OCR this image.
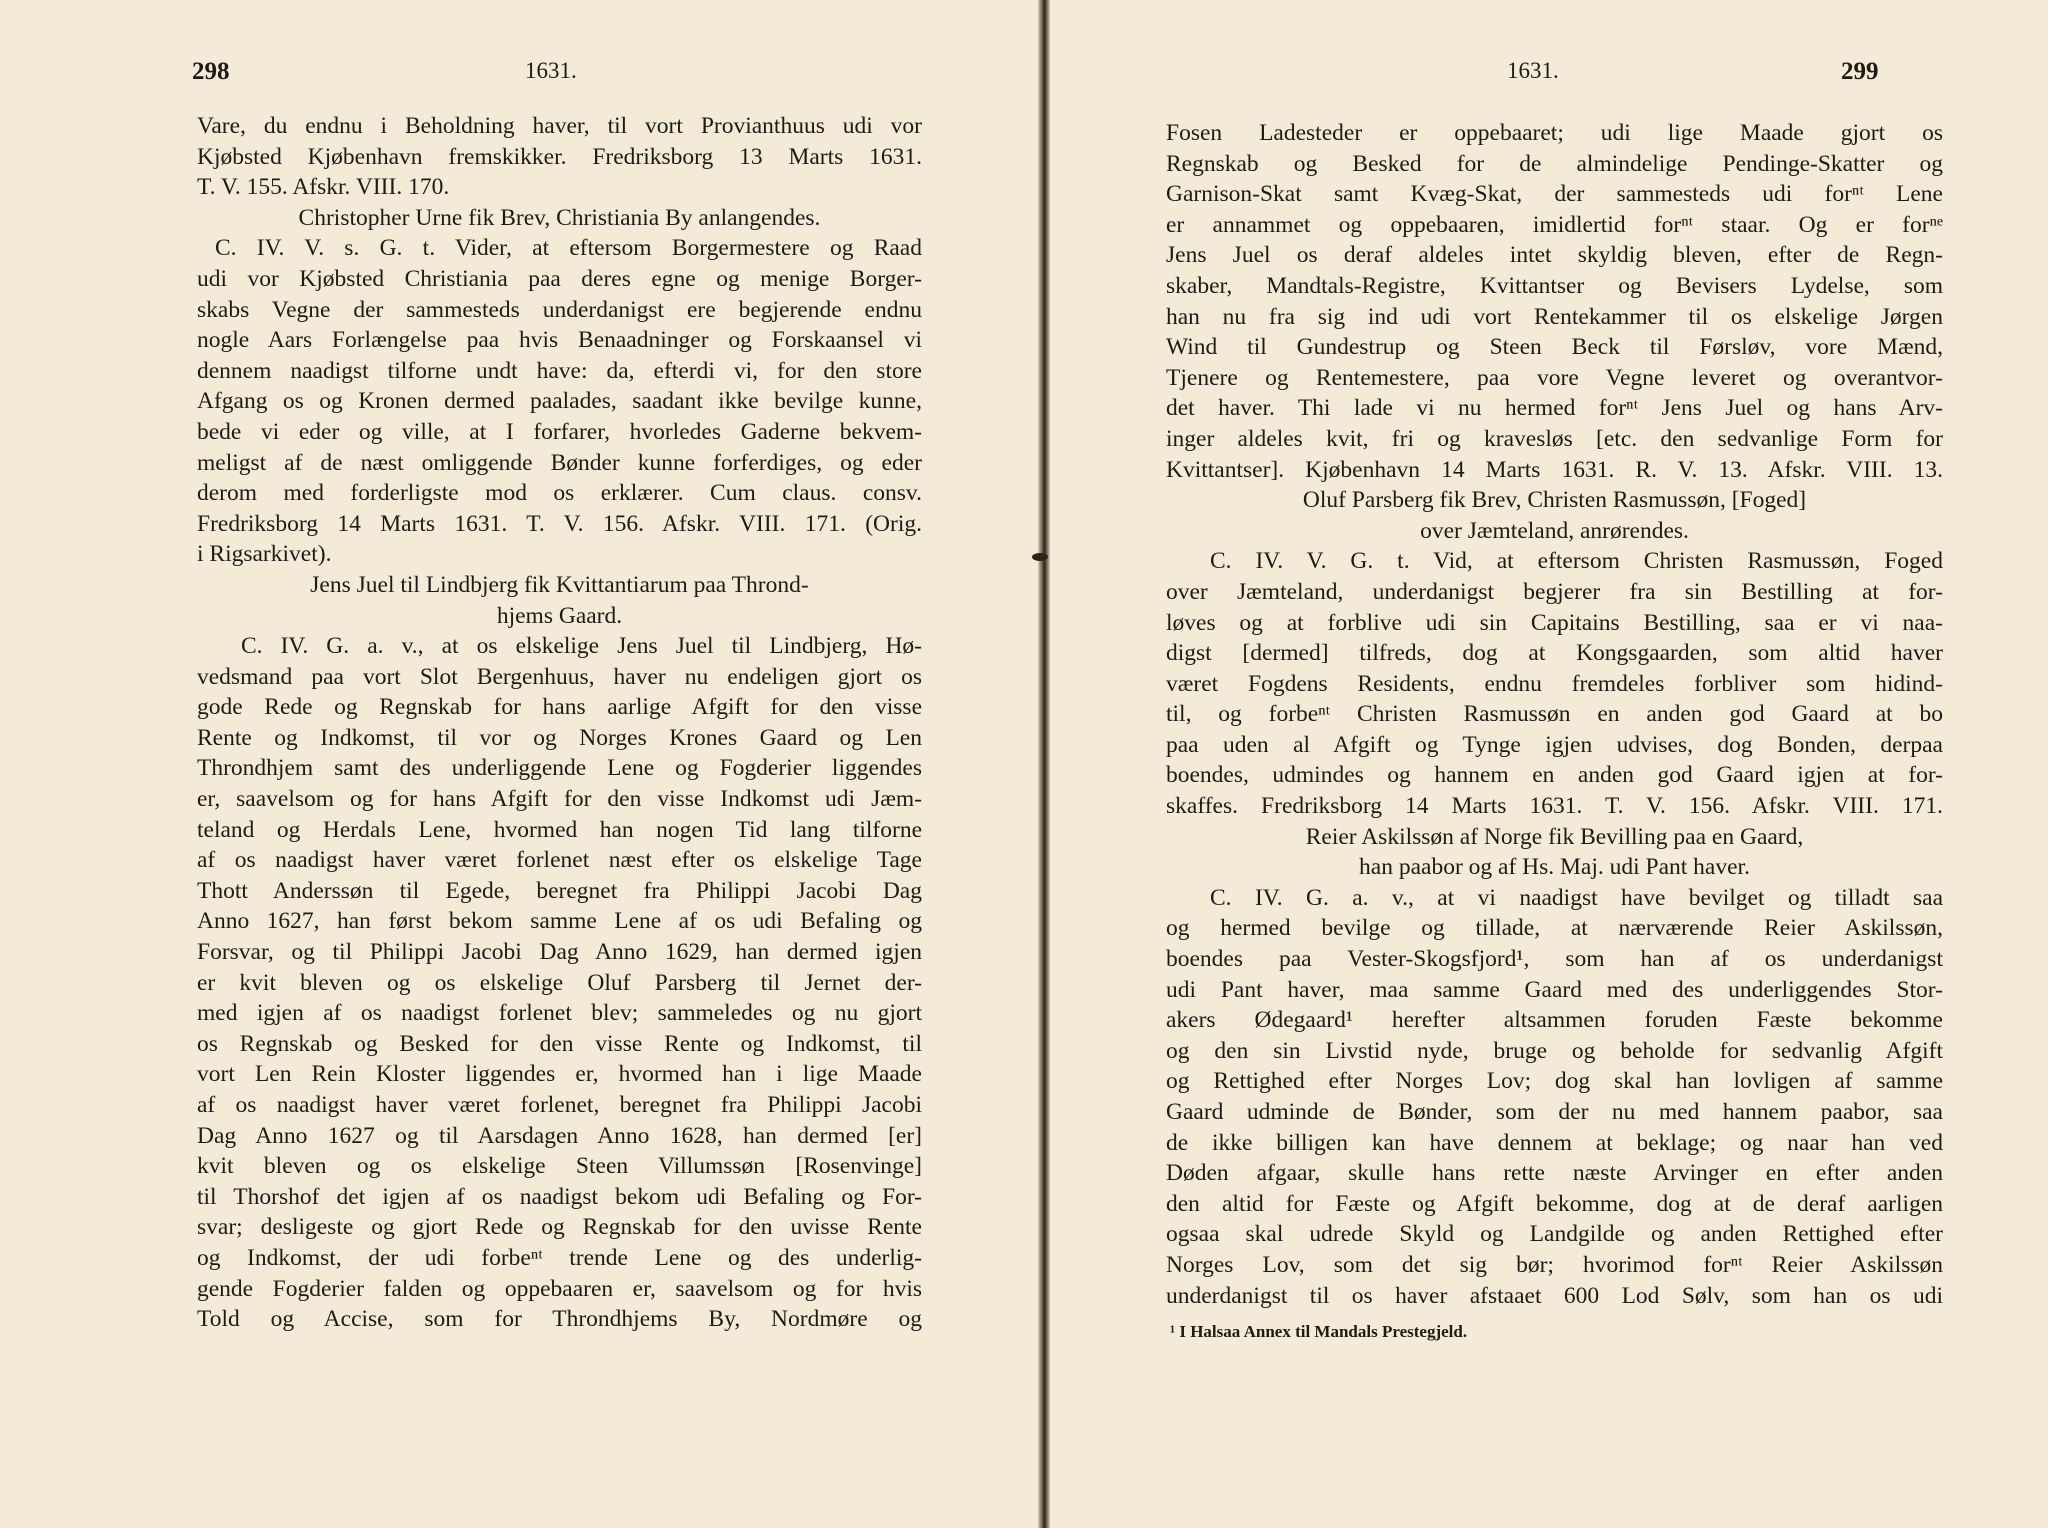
298	1631.
Vare, du endnu i Beholdning haver, til vort Provianthuus udi vor
Kjøbsted Kjøbenhavn fremskikker. Fredriksborg 13 Marts 1631.
T. V. 155. Afskr. VIII. 170.
Christopher Urne fik Brev, Christiania By anlangendes.
C. IV. V. s. G. t. Vider, at eftersom Borgermestere og Raad
udi vor Kjøbsted Christiania paa deres egne og menige Borger-
skabs Vegne der sammesteds underdanigst ere begjerende endnu
nogle Aars Forlængelse paa hvis Benaadninger og Forskaansel vi
dennem naadigst tilforne undt have: da, efterdi vi, for den store
Afgang os og Kronen dermed paalades, saadant ikke bevilge kunne,
bede vi eder og ville, at I forfarer, hvorledes Gaderne bekvem-
meligst af de næst omliggende Bønder kunne forferdiges, og eder
derom med forderligste mod os erklærer. Cum claus. consv.
Fredriksborg 14 Marts 1631. T. V. 156. Afskr. VIII. 171. (Orig.
i Rigsarkivet).
Jens Juel til Lindbjerg fik Kvittantiarum paa Thrond-
hjems Gaard.
C. IV. G. a. v., at os elskelige Jens Juel til Lindbjerg, Hø-
vedsmand paa vort Slot Bergenhuus, haver nu endeligen gjort os
gode Rede og Regnskab for hans aarlige Afgift for den visse
Rente og Indkomst, til vor og Norges Krones Gaard og Len
Throndhjem samt des underliggende Lene og Fogderier liggendes
er, saavelsom og for hans Afgift for den visse Indkomst udi Jæm-
teland og Herdals Lene, hvormed han nogen Tid lang tilforne
af os naadigst haver været forlenet næst efter os elskelige Tage
Thott Anderssøn til Egede, beregnet fra Philippi Jacobi Dag
Anno 1627, han først bekom samme Lene af os udi Befaling og
Forsvar, og til Philippi Jacobi Dag Anno 1629, han dermed igjen
er kvit bleven og os elskelige Oluf Parsberg til Jernet der-
med igjen af os naadigst forlenet blev; sammeledes og nu gjort
os Regnskab og Besked for den visse Rente og Indkomst, til
vort Len Rein Kloster liggendes er, hvormed han i lige Maade
af os naadigst haver været forlenet, beregnet fra Philippi Jacobi
Dag Anno 1627 og til Aarsdagen Anno 1628, han dermed [er]
kvit bleven og os elskelige Steen Villumssøn [Rosenvinge]
til Thorshof det igjen af os naadigst bekom udi Befaling og For-
svar; desligeste og gjort Rede og Regnskab for den uvisse Rente
og Indkomst, der udi forbeⁿᵗ trende Lene og des underlig-
gende Fogderier falden og oppebaaren er, saavelsom og for hvis
Told og Accise, som for Throndhjems By, Nordmøre og
1631.	299
Fosen Ladesteder er oppebaaret; udi lige Maade gjort os
Regnskab og Besked for de almindelige Pendinge-Skatter og
Garnison-Skat samt Kvæg-Skat, der sammesteds udi forⁿᵗ Lene
er annammet og oppebaaren, imidlertid forⁿᵗ staar. Og er forⁿᵉ
Jens Juel os deraf aldeles intet skyldig bleven, efter de Regn-
skaber, Mandtals-Registre, Kvittantser og Bevisers Lydelse, som
han nu fra sig ind udi vort Rentekammer til os elskelige Jørgen
Wind til Gundestrup og Steen Beck til Førsløv, vore Mænd,
Tjenere og Rentemestere, paa vore Vegne leveret og overantvor-
det haver. Thi lade vi nu hermed forⁿᵗ Jens Juel og hans Arv-
inger aldeles kvit, fri og kravesløs [etc. den sedvanlige Form for
Kvittantser]. Kjøbenhavn 14 Marts 1631. R. V. 13. Afskr. VIII. 13.
Oluf Parsberg fik Brev, Christen Rasmussøn, [Foged]
over Jæmteland, anrørendes.
C. IV. V. G. t. Vid, at eftersom Christen Rasmussøn, Foged
over Jæmteland, underdanigst begjerer fra sin Bestilling at for-
løves og at forblive udi sin Capitains Bestilling, saa er vi naa-
digst [dermed] tilfreds, dog at Kongsgaarden, som altid haver
været Fogdens Residents, endnu fremdeles forbliver som hidind-
til, og forbeⁿᵗ Christen Rasmussøn en anden god Gaard at bo
paa uden al Afgift og Tynge igjen udvises, dog Bonden, derpaa
boendes, udmindes og hannem en anden god Gaard igjen at for-
skaffes. Fredriksborg 14 Marts 1631. T. V. 156. Afskr. VIII. 171.
Reier Askilssøn af Norge fik Bevilling paa en Gaard,
han paabor og af Hs. Maj. udi Pant haver.
C. IV. G. a. v., at vi naadigst have bevilget og tilladt saa
og hermed bevilge og tillade, at nærværende Reier Askilssøn,
boendes paa Vester-Skogsfjord¹, som han af os underdanigst
udi Pant haver, maa samme Gaard med des underliggendes Stor-
akers Ødegaard¹ herefter altsammen foruden Fæste bekomme
og den sin Livstid nyde, bruge og beholde for sedvanlig Afgift
og Rettighed efter Norges Lov; dog skal han lovligen af samme
Gaard udminde de Bønder, som der nu med hannem paabor, saa
de ikke billigen kan have dennem at beklage; og naar han ved
Døden afgaar, skulle hans rette næste Arvinger en efter anden
den altid for Fæste og Afgift bekomme, dog at de deraf aarligen
ogsaa skal udrede Skyld og Landgilde og anden Rettighed efter
Norges Lov, som det sig bør; hvorimod forⁿᵗ Reier Askilssøn
underdanigst til os haver afstaaet 600 Lod Sølv, som han os udi
¹ I Halsaa Annex til Mandals Prestegjeld.
